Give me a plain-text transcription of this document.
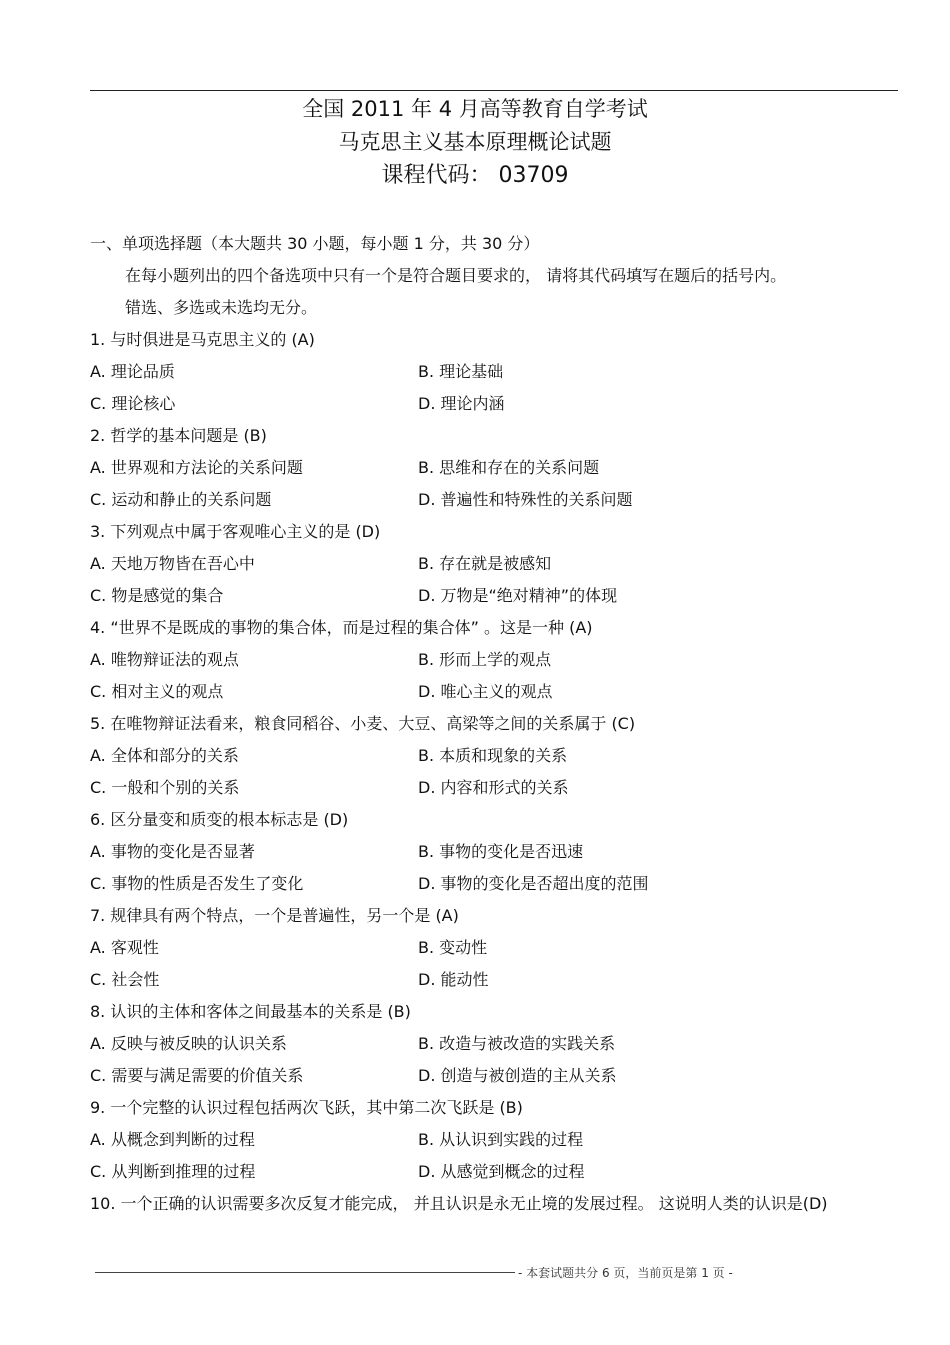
全国 2011 年 4 月高等教育自学考试
马克思主义基本原理概论试题
课程代码： 03709
一、单项选择题（本大题共 30 小题，每小题 1 分，共 30 分）
在每小题列出的四个备选项中只有一个是符合题目要求的， 请将其代码填写在题后的括号内。
错选、多选或未选均无分。
1. 与时俱进是马克思主义的 (A)
A. 理论品质	B. 理论基础
C. 理论核心	D. 理论内涵
2. 哲学的基本问题是 (B)
A. 世界观和方法论的关系问题	B. 思维和存在的关系问题
C. 运动和静止的关系问题	D. 普遍性和特殊性的关系问题
3. 下列观点中属于客观唯心主义的是 (D)
A. 天地万物皆在吾心中	B. 存在就是被感知
C. 物是感觉的集合	D. 万物是“绝对精神”的体现
4. “世界不是既成的事物的集合体，而是过程的集合体” 。这是一种 (A)
A. 唯物辩证法的观点	B. 形而上学的观点
C. 相对主义的观点	D. 唯心主义的观点
5. 在唯物辩证法看来，粮食同稻谷、小麦、大豆、高梁等之间的关系属于 (C)
A. 全体和部分的关系	B. 本质和现象的关系
C. 一般和个别的关系	D. 内容和形式的关系
6. 区分量变和质变的根本标志是 (D)
A. 事物的变化是否显著	B. 事物的变化是否迅速
C. 事物的性质是否发生了变化	D. 事物的变化是否超出度的范围
7. 规律具有两个特点，一个是普遍性，另一个是 (A)
A. 客观性	B. 变动性
C. 社会性	D. 能动性
8. 认识的主体和客体之间最基本的关系是 (B)
A. 反映与被反映的认识关系	B. 改造与被改造的实践关系
C. 需要与满足需要的价值关系	D. 创造与被创造的主从关系
9. 一个完整的认识过程包括两次飞跃，其中第二次飞跃是 (B)
A. 从概念到判断的过程	B. 从认识到实践的过程
C. 从判断到推理的过程	D. 从感觉到概念的过程
10. 一个正确的认识需要多次反复才能完成， 并且认识是永无止境的发展过程。 这说明人类的认识是(D)
- 本套试题共分 6 页，当前页是第 1 页 -
